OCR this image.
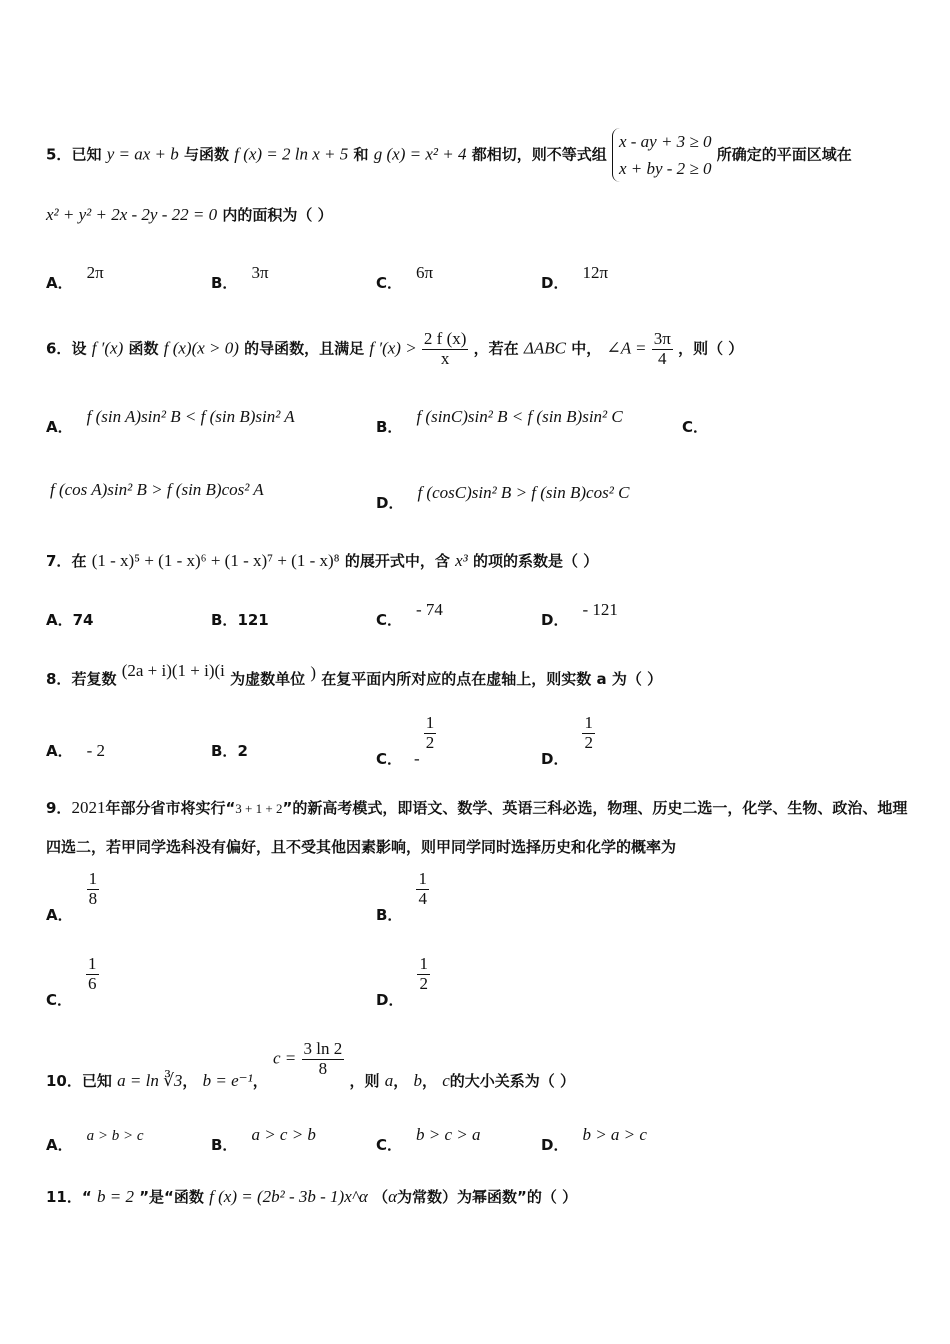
5．已知 y = ax + b 与函数 f (x) = 2 ln x + 5 和 g (x) = x² + 4 都相切，则不等式组
x - ay + 3 ≥ 0
x + by - 2 ≥ 0
所确定的平面区域在
x² + y² + 2x - 2y - 22 = 0 内的面积为（ ）
A．2π
B．3π
C．6π
D．12π
6．设 f ′(x) 函数 f (x)(x > 0) 的导函数，且满足 f $'(x) > \frac{2 f (x)}{x}$ ，若在 ΔABC 中， ∠A = $\frac{3\pi}{4}$ ，则（ ）
A．f (sin A)sin² B < f (sin B)sin² A
B．f (sinC)sin² B < f (sin B)sin² C
C．
f (cos A)sin² B > f (sin B)cos² A
D．f (cosC)sin² B > f (sin B)cos² C
7．在 (1 - x)⁵ + (1 - x)⁶ + (1 - x)⁷ + (1 - x)⁸ 的展开式中，含 x³ 的项的系数是（ ）
A．74	B．121	C．- 74
D．- 121
8．若复数 (2a + i)(1 + i)(i 为虚数单位 ) 在复平面内所对应的点在虚轴上，则实数 a 为（ ）
A． - 2	B．2	C． -
$\frac{1}{2}$
D．
$\frac{1}{2}$
9．2021年部分省市将实行“3 + 1 + 2”的新高考模式，即语文、数学、英语三科必选，物理、历史二选一，化学、生物、政治、地理四选二，若甲同学选科没有偏好，且不受其他因素影响，则甲同学同时选择历史和化学的概率为
A．
$\frac{1}{8}$
B．
$\frac{1}{4}$
C．
$\frac{1}{6}$
D．
$\frac{1}{2}$
10．已知 a = ln ∛3， b = e⁻¹， $c = \frac{3 \ln 2}{8}$
，则 a， b， c的大小关系为（ ）
A． a > b > c	B．a > c > b
C．b > c > a
D．b > a > c
11．“ b = 2 ”是“函数 f (x) = (2b² - 3b - 1)x^α （α为常数）为幂函数”的（ ）
